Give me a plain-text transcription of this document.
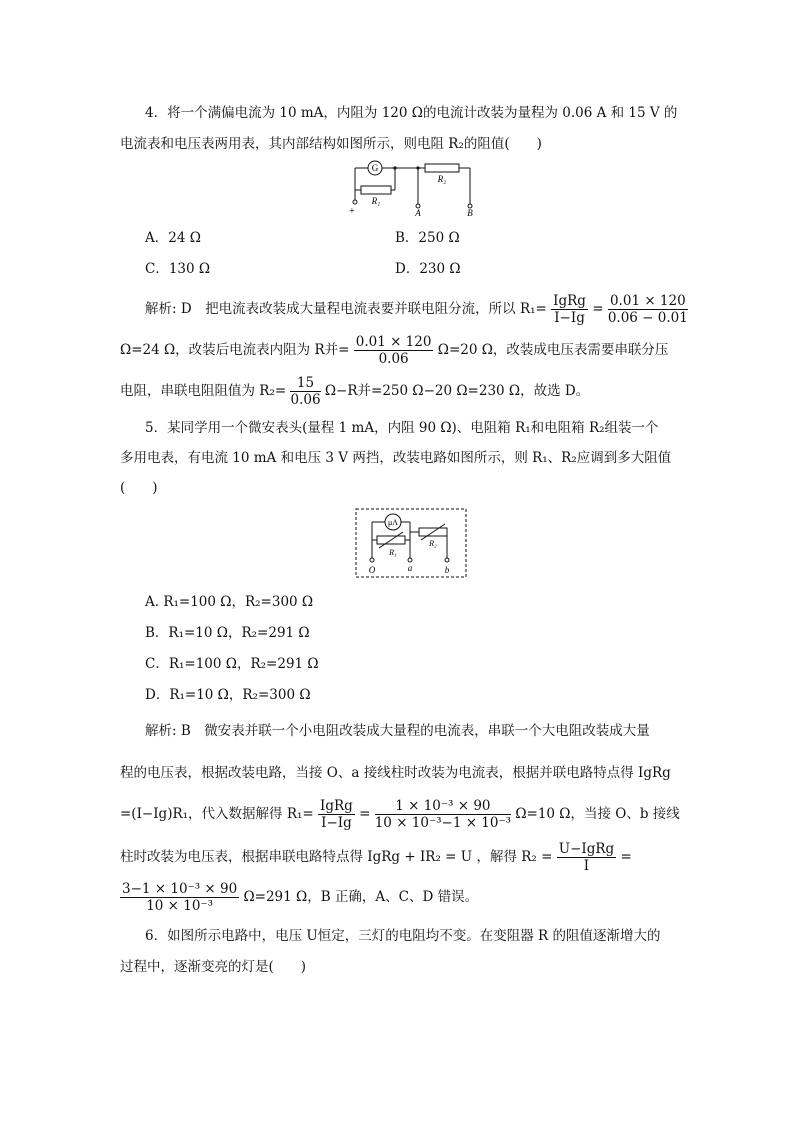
4．将一个满偏电流为 10 mA，内阻为 120 Ω的电流计改装为量程为 0.06 A 和 15 V 的
电流表和电压表两用表，其内部结构如图所示，则电阻 R₂的阻值(　　)
G
R₁
R₂
+	A	B
A．24 Ω	B．250 Ω
C．130 Ω	D．230 Ω
解析: D　把电流表改装成大量程电流表要并联电阻分流，所以 $R_1= \frac{\text{IgRg}}{I-Ig} = \frac{0.01 \times 120}{0.06 - 0.01}$
Ω=24 Ω，改装后电流表内阻为 R并= $\frac{0.01 \times 120}{0.06} \Omega=20$ Ω，改装成电压表需要串联分压
电阻，串联电阻阻值为 $R_2= \frac{15}{0.06} \Omega-R$并=250 Ω−20 Ω=230 Ω，故选 D。
5．某同学用一个微安表头(量程 1 mA，内阻 90 Ω)、电阻箱 R₁和电阻箱 R₂组装一个
多用电表，有电流 10 mA 和电压 3 V 两挡，改装电路如图所示，则 R₁、R₂应调到多大阻值
(　　)
μA
R₁
R₂
O	a	b
A. R₁=100 Ω，R₂=300 Ω
B．R₁=10 Ω，R₂=291 Ω
C．R₁=100 Ω，R₂=291 Ω
D．R₁=10 Ω，R₂=300 Ω
解析: B　微安表并联一个小电阻改装成大量程的电流表，串联一个大电阻改装成大量
程的电压表，根据改装电路，当接 O、a 接线柱时改装为电流表，根据并联电路特点得 IgRg
=(I−Ig)R₁，代入数据解得 $R_1= \frac{\text{IgRg}}{I-Ig} = \frac{\text{1 × 10⁻³ × 90}}{\text{10 × 10⁻³−1 × 10⁻³}} \Omega=10$ Ω，当接 O、b 接线
柱时改装为电压表，根据串联电路特点得 IgRg + IR₂ = U ，解得 $R_2 = \frac{\text{U−IgRg}}{I}$ =
$\frac{\text{3−1 × 10⁻³ × 90}}{\text{10 × 10⁻³}} \Omega=291$ Ω，B 正确，A、C、D 错误。
6．如图所示电路中，电压 U恒定，三灯的电阻均不变。在变阻器 R 的阻值逐渐增大的
过程中，逐渐变亮的灯是(　　)
